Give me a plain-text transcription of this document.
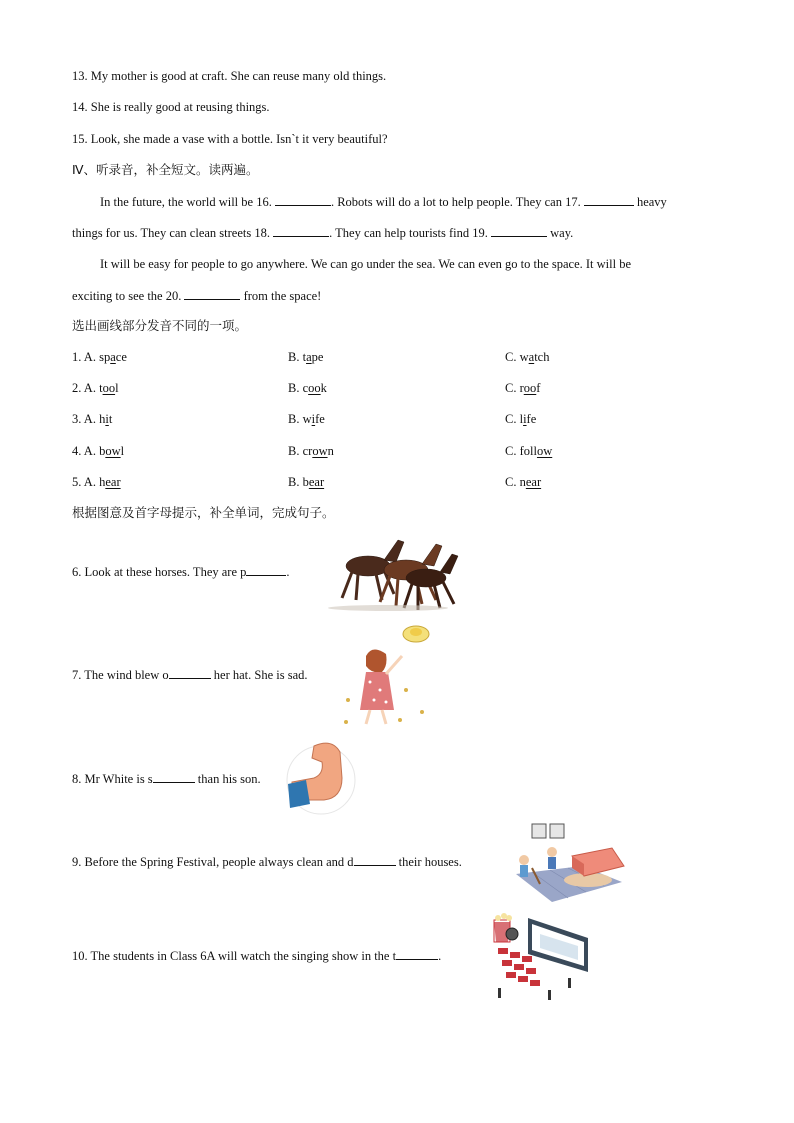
13. My mother is good at craft. She can reuse many old things.
14. She is really good at reusing things.
15. Look, she made a vase with a bottle. Isn`t it very beautiful?
Ⅳ、听录音，补全短文。读两遍。
In the future, the world will be 16.	. Robots will do a lot to help people. They can 17.	heavy
things for us. They can clean streets 18.	. They can help tourists find 19.	way.
It will be easy for people to go anywhere. We can go under the sea. We can even go to the space. It will be
exciting to see the 20.	from the space!
选出画线部分发音不同的一项。
1. A. space	B. tape	C. watch
2. A. tool	B. cook	C. roof
3. A. hit	B. wife	C. life
4. A. bowl	B. crown	C. follow
5. A. hear	B. bear	C. near
根据图意及首字母提示，补全单词，完成句子。
6. Look at these horses. They are p	.
7. The wind blew o	her hat. She is sad.
8. Mr White is s	than his son.
9. Before the Spring Festival, people always clean and d	their houses.
10. The students in Class 6A will watch the singing show in the t	.
